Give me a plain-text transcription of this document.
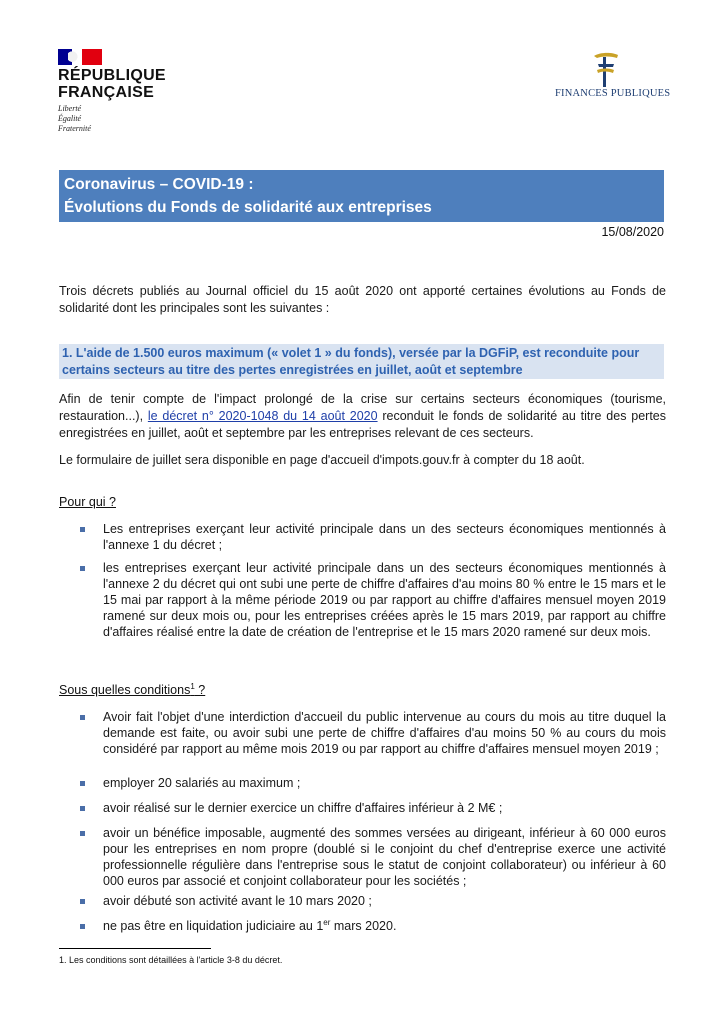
RÉPUBLIQUE
FRANÇAISE
Liberté
Égalité
Fraternité
FINANCES PUBLIQUES
Coronavirus – COVID-19 :
Évolutions du Fonds de solidarité aux entreprises
15/08/2020
Trois décrets publiés au Journal officiel du 15 août 2020 ont apporté certaines évolutions au Fonds de solidarité dont les principales sont les suivantes :
1. L'aide de 1.500 euros maximum (« volet 1 » du fonds), versée par la DGFiP, est reconduite pour certains secteurs au titre des pertes enregistrées en juillet, août et septembre
Afin de tenir compte de l'impact prolongé de la crise sur certains secteurs économiques (tourisme, restauration...), le décret n° 2020-1048 du 14 août 2020 reconduit le fonds de solidarité au titre des pertes enregistrées en juillet, août et septembre par les entreprises relevant de ces secteurs.
Le formulaire de juillet sera disponible en page d'accueil d'impots.gouv.fr à compter du 18 août.
Pour qui ?
Les entreprises exerçant leur activité principale dans un des secteurs économiques mentionnés à l'annexe 1 du décret ;
les entreprises exerçant leur activité principale dans un des secteurs économiques mentionnés à l'annexe 2 du décret qui ont subi une perte de chiffre d'affaires d'au moins 80 % entre le 15 mars et le 15 mai par rapport à la même période 2019 ou par rapport au chiffre d'affaires mensuel moyen 2019 ramené sur deux mois ou, pour les entreprises créées après le 15 mars 2019, par rapport au chiffre d'affaires réalisé entre la date de création de l'entreprise et le 15 mars 2020 ramené sur deux mois.
Sous quelles conditions$^1$ ?
Avoir fait l'objet d'une interdiction d'accueil du public intervenue au cours du mois au titre duquel la demande est faite, ou avoir subi une perte de chiffre d'affaires d'au moins 50 % au cours du mois considéré par rapport au même mois 2019 ou par rapport au chiffre d'affaires mensuel moyen 2019 ;
employer 20 salariés au maximum ;
avoir réalisé sur le dernier exercice un chiffre d'affaires inférieur à 2 M€ ;
avoir un bénéfice imposable, augmenté des sommes versées au dirigeant, inférieur à 60 000 euros pour les entreprises en nom propre (doublé si le conjoint du chef d'entreprise exerce une activité professionnelle régulière dans l'entreprise sous le statut de conjoint collaborateur) ou inférieur à 60 000 euros par associé et conjoint collaborateur pour les sociétés ;
avoir débuté son activité avant le 10 mars 2020 ;
ne pas être en liquidation judiciaire au 1er mars 2020.
1. Les conditions sont détaillées à l'article 3-8 du décret.
